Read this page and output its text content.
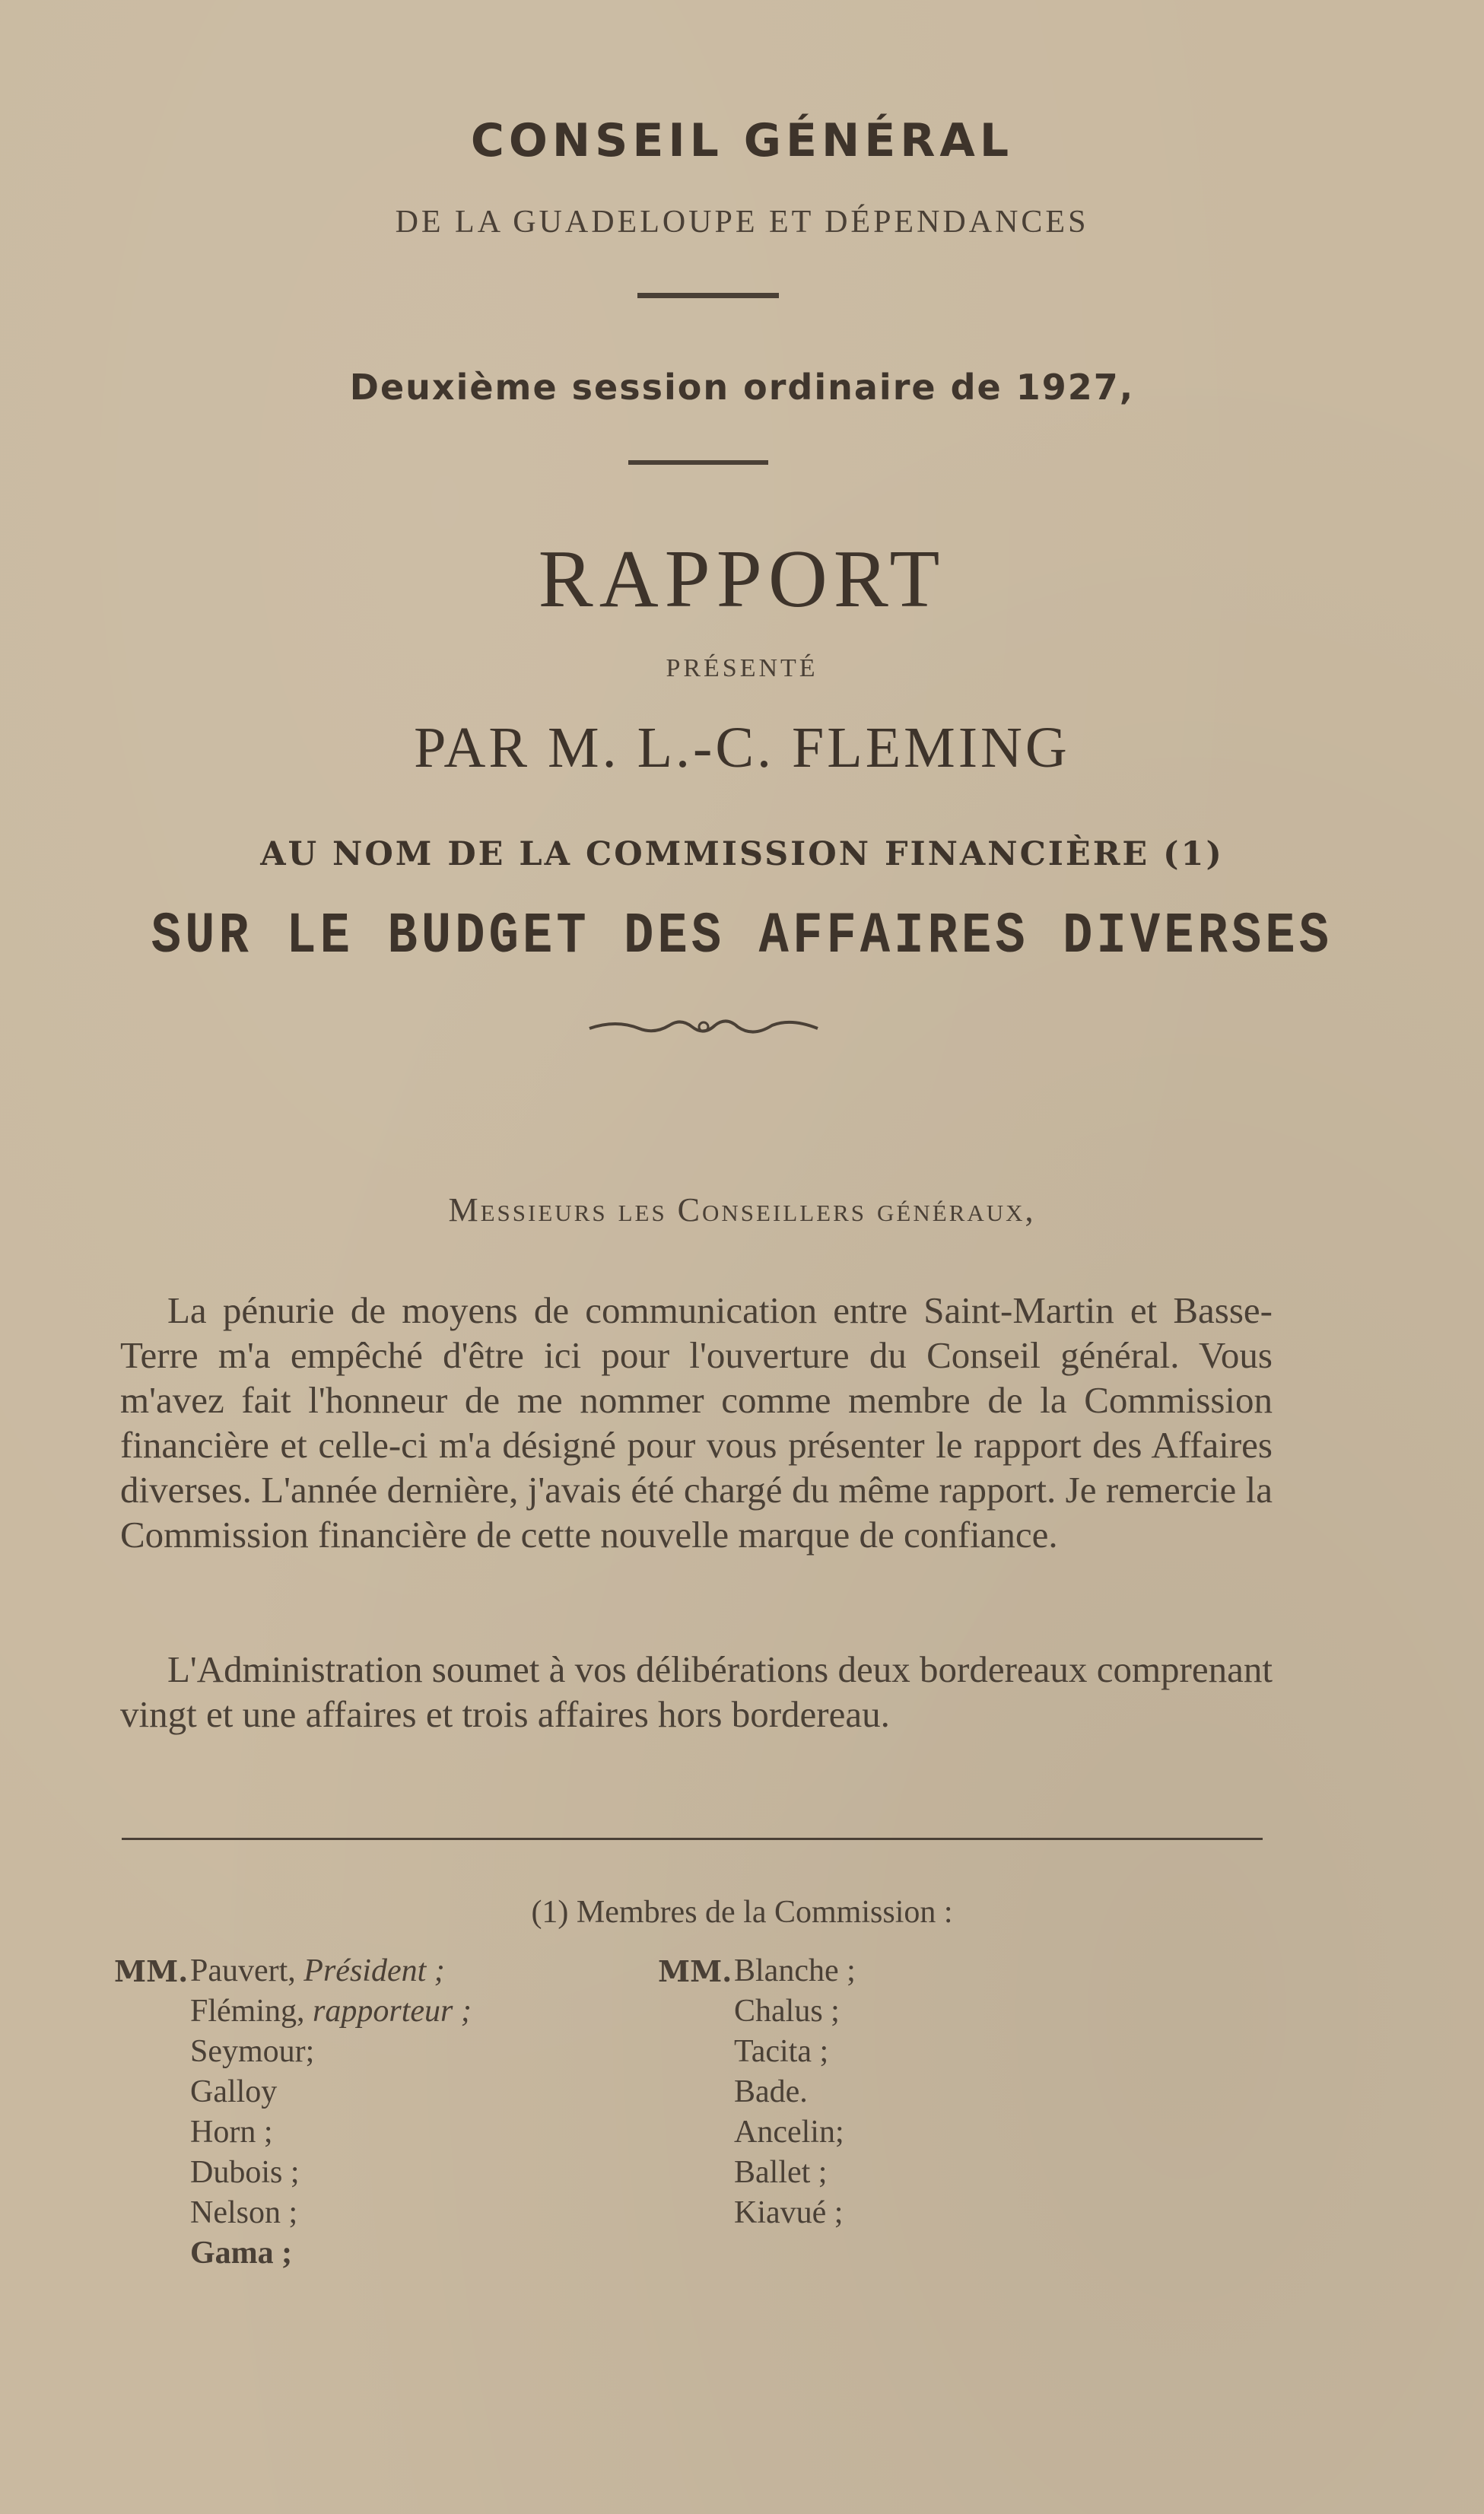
CONSEIL GÉNÉRAL
DE LA GUADELOUPE ET DÉPENDANCES
Deuxième session ordinaire de 1927,
RAPPORT
PRÉSENTÉ
PAR M. L.-C. FLEMING
AU NOM DE LA COMMISSION FINANCIÈRE (1)
SUR LE BUDGET DES AFFAIRES DIVERSES
Messieurs les Conseillers généraux,
La pénurie de moyens de communication entre Saint-Martin et Basse-Terre m'a empêché d'être ici pour l'ouverture du Conseil général. Vous m'avez fait l'honneur de me nommer comme membre de la Commission financière et celle-ci m'a désigné pour vous présenter le rapport des Affaires diverses. L'année dernière, j'avais été chargé du même rapport. Je remercie la Commission financière de cette nouvelle marque de confiance.
L'Administration soumet à vos délibérations deux bordereaux comprenant vingt et une affaires et trois affaires hors bordereau.
(1) Membres de la Commission :
MM. Pauvert, Président ;
Fléming, rapporteur ;
Seymour;
Galloy
Horn ;
Dubois ;
Nelson ;
Gama ;
MM. Blanche ;
Chalus ;
Tacita ;
Bade.
Ancelin;
Ballet ;
Kiavué ;
